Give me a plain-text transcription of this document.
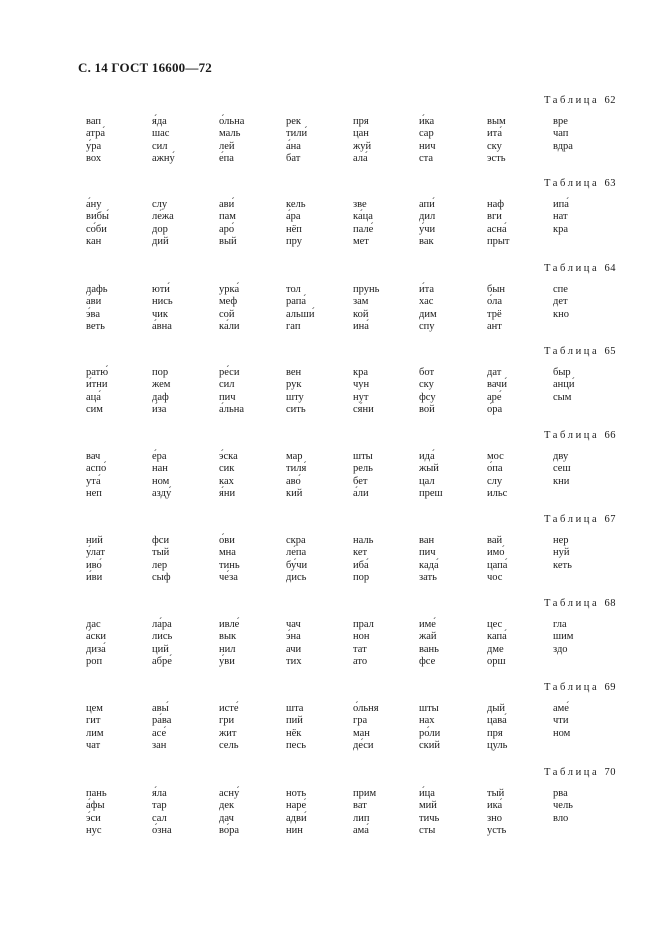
С. 14 ГОСТ 16600—72
Таблица 62
вап
атра́
у́ра
вох
я́да
шас
сил
ажну́
о́льна
маль
лей
е́па
рек
тили́
а́на
бат
пря
цан
жуй
ала́
и́ка
сар
нич
ста
вым
ита́
ску
эсть
вре
чап
вдра
Таблица 63
а́ну
вибы́
со́би
кан
слу
ле́жа
дор
дий
ави́
пам
аро́
вый
кель
а́ра
нёп
пру
зве
ка́ца
пале́
мет
апи́
дил
у́чи
вак
наф
вги
асна́
прыт
ипа́
нат
кра
Таблица 64
дафь
а́ви
э́ва
веть
юти́
нись
чик
а́вна
урка́
меф
сой
ка́ли
тол
рапа́
альши́
гап
прунь
зам
кой
ина́
и́та
хас
дим
спу
бын
о́ла
трё
ант
спе
дет
кно
Таблица 65
ратю́
и́тни
аца́
сим
пор
жем
даф
и́за
ре́си
сил
пич
а́льна
вен
рук
шту
сить
кра
чун
нут
ся́ни
бот
ску
фсу
вой
дат
вачи́
аре́
о́ра
быр
анци́
сым
Таблица 66
вач
аспо́
ута́
неп
е́ра
нан
ном
азду́
э́ска
сик
ках
я́ни
мар
тиля́
аво́
кий
шты
рель
бет
а́ли
ида́
жый
цал
преш
мос
о́па
слу
ильс
дву
сеш
кни
Таблица 67
ний
у́лат
иво́
и́ви
фси
тый
лер
сыф
о́ви
мна
тинь
че́за
скра
ле́па
бу́чи
дись
наль
кет
иба́
пор
ван
пич
када́
зать
вай
имо́
цапа́
чос
нер
нуй
кеть
Таблица 68
дас
а́ски
диза́
роп
ла́ра
лись
ций
абре́
ивле́
вык
нил
у́ви
чач
э́на
ачи
тих
прал
нон
тат
ато
име́
жай
вань
фсе
цес
капа́
дме
орш
гла
шим
здо
Таблица 69
цем
гит
лим
чат
авы́
ра́ва
асе́
зан
исте́
гри
жит
сель
шта
пий
нёк
песь
о́льня
гра
ман
де́си
шты
нах
ро́ли
ский
дый
цава́
пря
цуль
аме́
чти
ном
Таблица 70
пань
а́фы
э́си
нус
я́ла
тар
сал
о́зна
асну́
дек
дач
во́ра
ноть
наре́
адви́
нин
прим
ват
лип
ама́
и́ца
мий
тичь
сты
тый
ика́
зно
усть
рва
чель
вло
